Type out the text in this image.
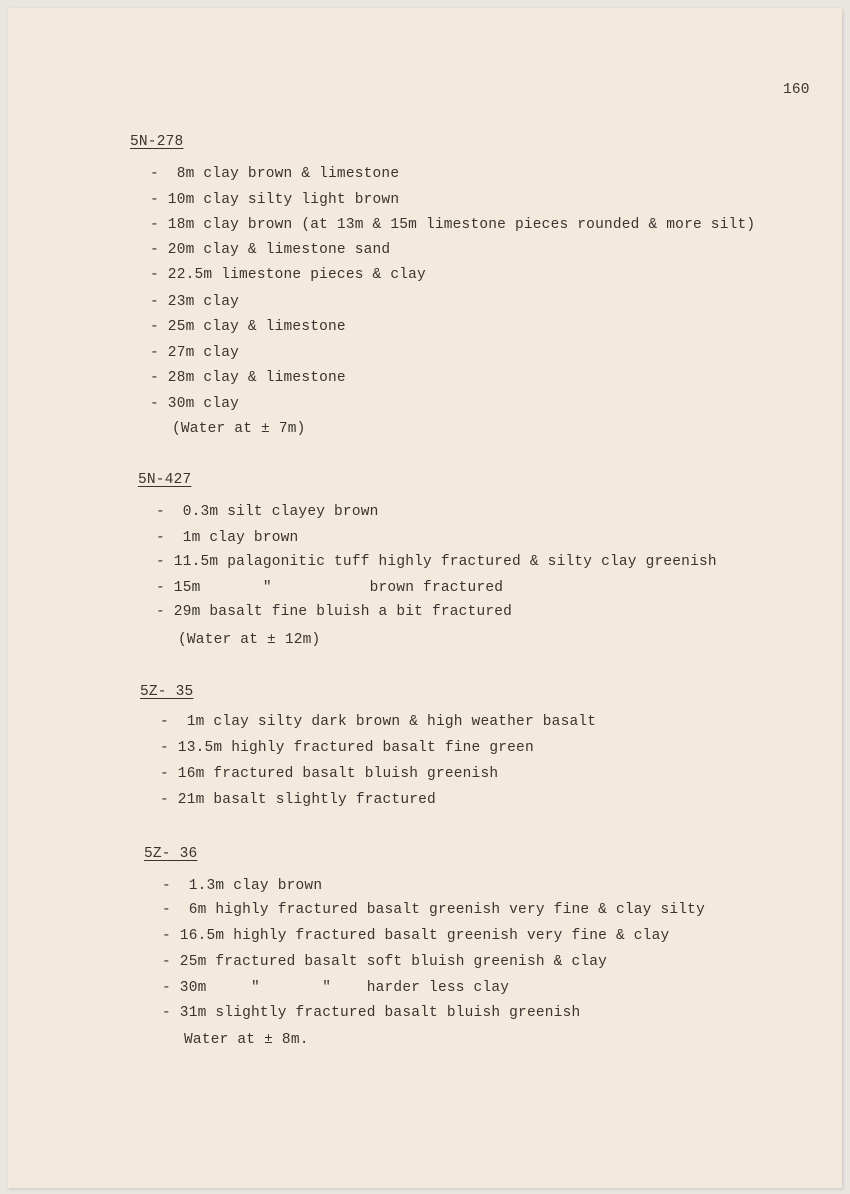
160
5N-278
-  8m clay brown & limestone
- 10m clay silty light brown
- 18m clay brown (at 13m & 15m limestone pieces rounded & more silt)
- 20m clay & limestone sand
- 22.5m limestone pieces & clay
- 23m clay
- 25m clay & limestone
- 27m clay
- 28m clay & limestone
- 30m clay
(Water at ± 7m)
5N-427
-  0.3m silt clayey brown
-  1m clay brown
- 11.5m palagonitic tuff highly fractured & silty clay greenish
- 15m       "           brown fractured
- 29m basalt fine bluish a bit fractured
(Water at ± 12m)
5Z- 35
-  1m clay silty dark brown & high weather basalt
- 13.5m highly fractured basalt fine green
- 16m fractured basalt bluish greenish
- 21m basalt slightly fractured
5Z- 36
-  1.3m clay brown
-  6m highly fractured basalt greenish very fine & clay silty
- 16.5m highly fractured basalt greenish very fine & clay
- 25m fractured basalt soft bluish greenish & clay
- 30m     "       "    harder less clay
- 31m slightly fractured basalt bluish greenish
Water at ± 8m.
